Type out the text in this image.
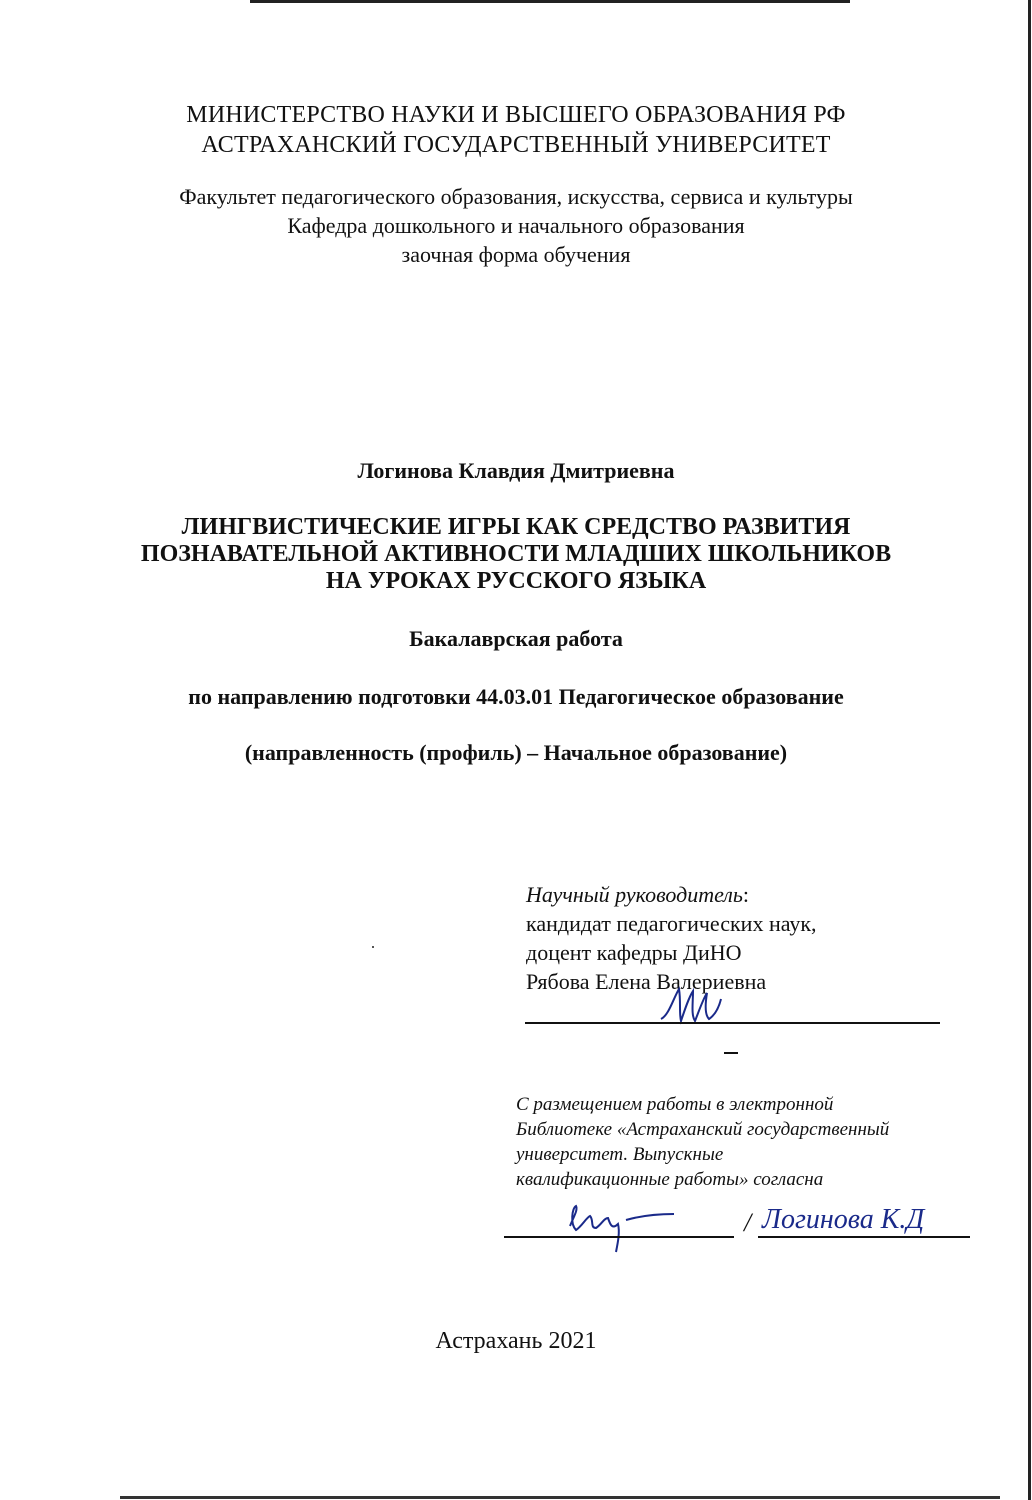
МИНИСТЕРСТВО НАУКИ И ВЫСШЕГО ОБРАЗОВАНИЯ РФ
АСТРАХАНСКИЙ ГОСУДАРСТВЕННЫЙ УНИВЕРСИТЕТ
Факультет педагогического образования, искусства, сервиса и культуры
Кафедра дошкольного и начального образования
заочная форма обучения
Логинова Клавдия Дмитриевна
ЛИНГВИСТИЧЕСКИЕ ИГРЫ КАК СРЕДСТВО РАЗВИТИЯ
ПОЗНАВАТЕЛЬНОЙ АКТИВНОСТИ МЛАДШИХ ШКОЛЬНИКОВ
НА УРОКАХ РУССКОГО ЯЗЫКА
Бакалаврская работа
по направлению подготовки 44.03.01 Педагогическое образование
(направленность (профиль) – Начальное образование)
Научный руководитель:
кандидат педагогических наук,
доцент кафедры ДиНО
Рябова Елена Валериевна
С размещением работы в электронной
Библиотеке «Астраханский государственный
университет. Выпускные
квалификационные работы» согласна
/ Логинова К.Д
Астрахань 2021
